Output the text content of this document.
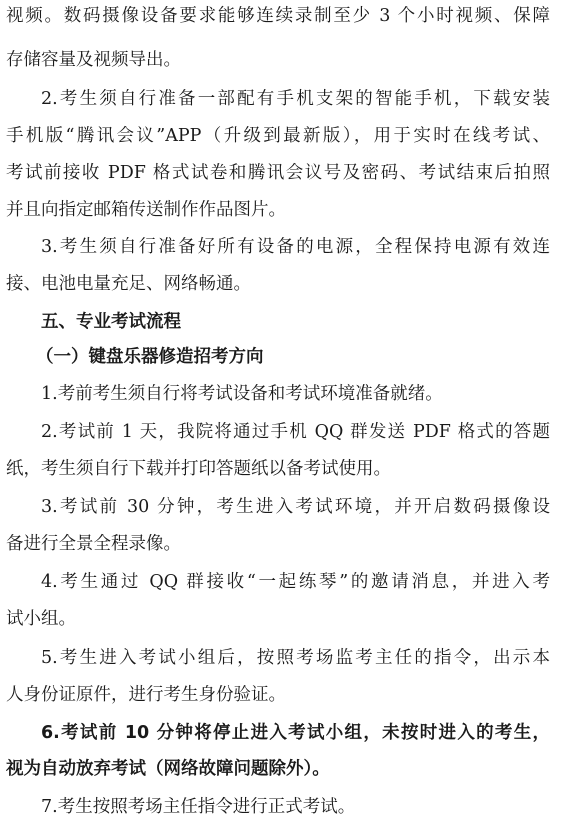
视频。数码摄像设备要求能够连续录制至少 3 个小时视频、保障
存储容量及视频导出。
2.考生须自行准备一部配有手机支架的智能手机，下载安装
手机版“腾讯会议”APP（升级到最新版），用于实时在线考试、
考试前接收 PDF 格式试卷和腾讯会议号及密码、考试结束后拍照
并且向指定邮箱传送制作作品图片。
3.考生须自行准备好所有设备的电源，全程保持电源有效连
接、电池电量充足、网络畅通。
五、专业考试流程
（一）键盘乐器修造招考方向
1.考前考生须自行将考试设备和考试环境准备就绪。
2.考试前 1 天，我院将通过手机 QQ 群发送 PDF 格式的答题
纸，考生须自行下载并打印答题纸以备考试使用。
3.考试前 30 分钟，考生进入考试环境，并开启数码摄像设
备进行全景全程录像。
4.考生通过 QQ 群接收“一起练琴”的邀请消息，并进入考
试小组。
5.考生进入考试小组后，按照考场监考主任的指令，出示本
人身份证原件，进行考生身份验证。
6.考试前 10 分钟将停止进入考试小组，未按时进入的考生，
视为自动放弃考试（网络故障问题除外）。
7.考生按照考场主任指令进行正式考试。
